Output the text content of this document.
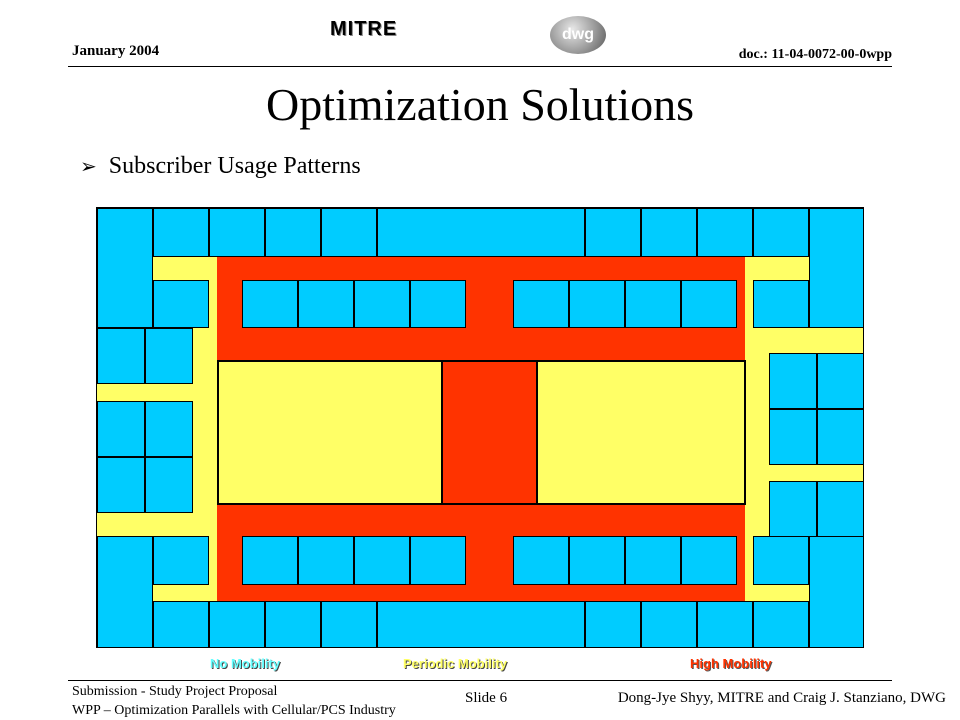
January 2004
MITRE	dwg
doc.: 11-04-0072-00-0wpp
Optimization Solutions
➢ Subscriber Usage Patterns
No Mobility	Periodic Mobility	High Mobility
Submission - Study Project Proposal
WPP – Optimization Parallels with Cellular/PCS Industry
Slide 6	Dong-Jye Shyy, MITRE and Craig J. Stanziano, DWG
